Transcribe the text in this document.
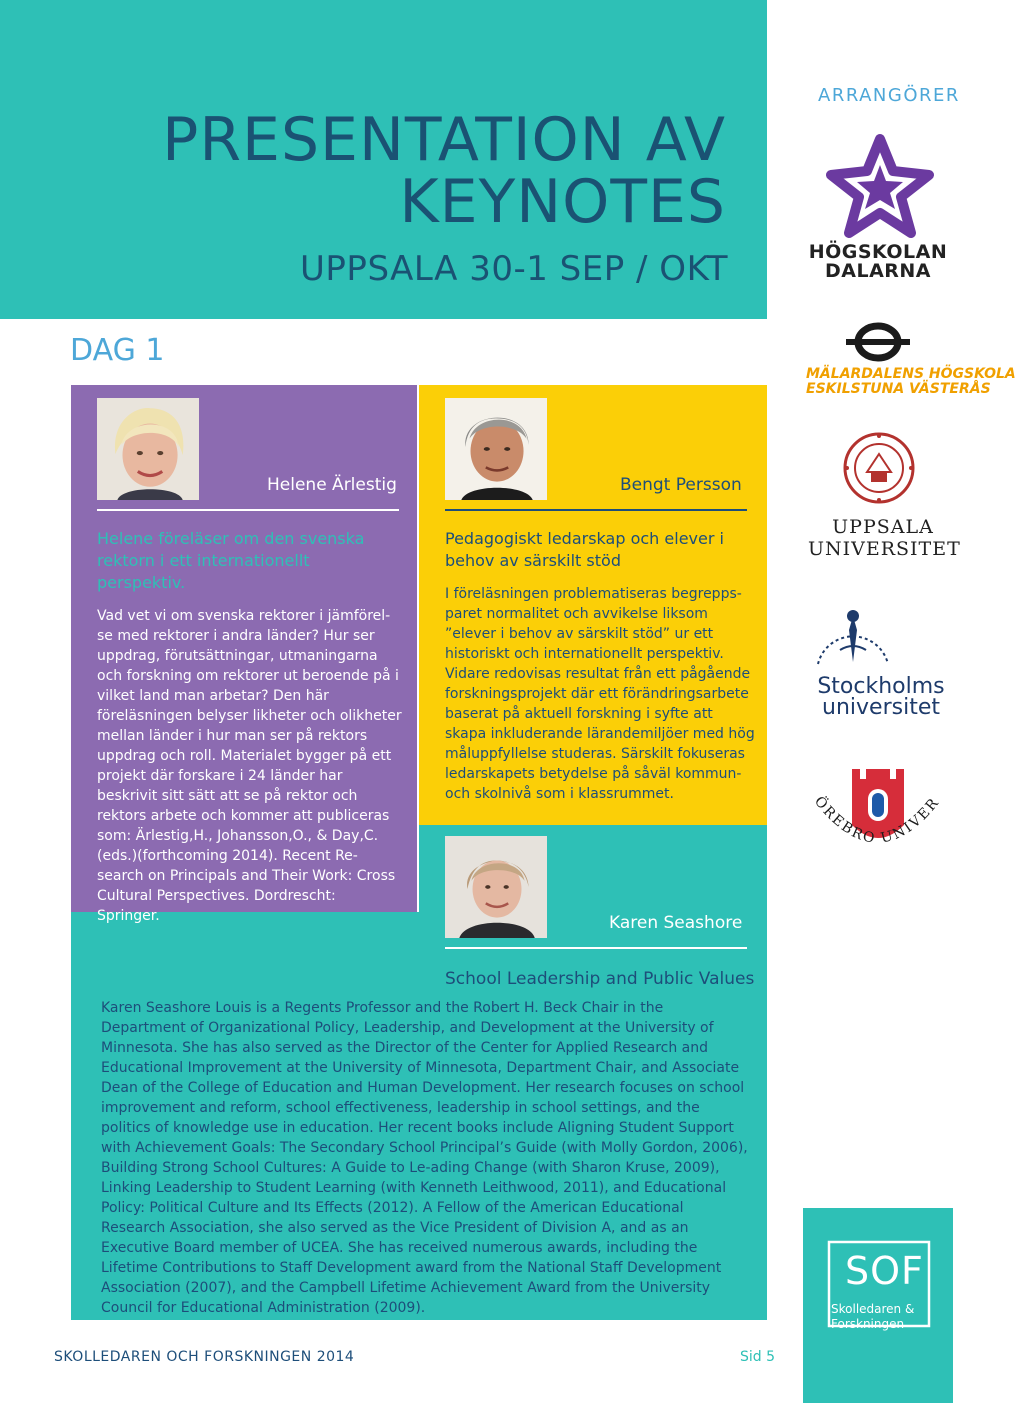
PRESENTATION AV
KEYNOTES
UPPSALA 30-1 SEP / OKT
DAG 1
Helene Ärlestig
Helene föreläser om den svenska rektorn i ett internationellt perspektiv.
Vad vet vi om svenska rektorer i jämförel-se med rektorer i andra länder? Hur ser uppdrag, förutsättningar, utmaningarna och forskning om rektorer ut beroende på i vilket land man arbetar? Den här föreläsningen belyser likheter och olikheter mellan länder i hur man ser på rektors uppdrag och roll. Materialet bygger på ett projekt där forskare i 24 länder har beskrivit sitt sätt att se på rektor och rektors arbete och kommer att publiceras som: Ärlestig,H., Johansson,O., & Day,C. (eds.)(forthcoming 2014). Recent Re-search on Principals and Their Work: Cross Cultural Perspectives. Dordrescht: Springer.
Bengt Persson
Pedagogiskt ledarskap och elever i behov av särskilt stöd
I föreläsningen problematiseras begrepps-paret normalitet och avvikelse liksom ”elever i behov av särskilt stöd” ur ett historiskt och internationellt perspektiv. Vidare redovisas resultat från ett pågående forskningsprojekt där ett förändringsarbete baserat på aktuell forskning i syfte att skapa inkluderande lärandemiljöer med hög måluppfyllelse studeras. Särskilt fokuseras ledarskapets betydelse på såväl kommun- och skolnivå som i klassrummet.
Karen Seashore
School Leadership and Public Values
Karen Seashore Louis is a Regents Professor and the Robert H. Beck Chair in the Department of Organizational Policy, Leadership, and Development at the University of Minnesota. She has also served as the Director of the Center for Applied Research and Educational Improvement at the University of Minnesota, Department Chair, and Associate Dean of the College of Education and Human Development. Her research focuses on school improvement and reform, school effectiveness, leadership in school settings, and the politics of knowledge use in education. Her recent books include Aligning Student Support with Achievement Goals: The Secondary School Principal’s Guide (with Molly Gordon, 2006), Building Strong School Cultures: A Guide to Le-ading Change (with Sharon Kruse, 2009), Linking Leadership to Student Learning (with Kenneth Leithwood, 2011), and Educational Policy: Political Culture and Its Effects (2012). A Fellow of the American Educational Research Association, she also served as the Vice President of Division A, and as an Executive Board member of UCEA. She has received numerous awards, including the Lifetime Contributions to Staff Development award from the National Staff Development Association (2007), and the Campbell Lifetime Achievement Award from the University Council for Educational Administration (2009).
ARRANGÖRER
HÖGSKOLAN
DALARNA
MÄLARDALENS HÖGSKOLA
ESKILSTUNA VÄSTERÅS
UPPSALA
UNIVERSITET
Stockholms
universitet
ÖREBRO UNIVER
SOF
Skolledaren &
Forskningen
SKOLLEDAREN OCH FORSKNINGEN 2014	Sid 5
